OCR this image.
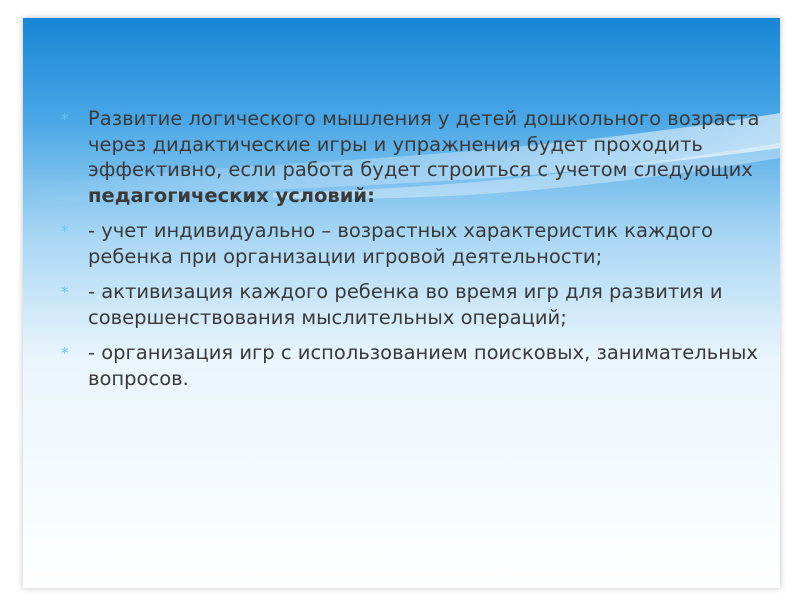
* Развитие логического мышления у детей дошкольного возраста через дидактические игры и упражнения будет проходить эффективно, если работа будет строиться с учетом следующих педагогических условий:
* - учет индивидуально – возрастных характеристик каждого ребенка при организации игровой деятельности;
* - активизация каждого ребенка во время игр для развития и совершенствования мыслительных операций;
* - организация игр с использованием поисковых, занимательных вопросов.
